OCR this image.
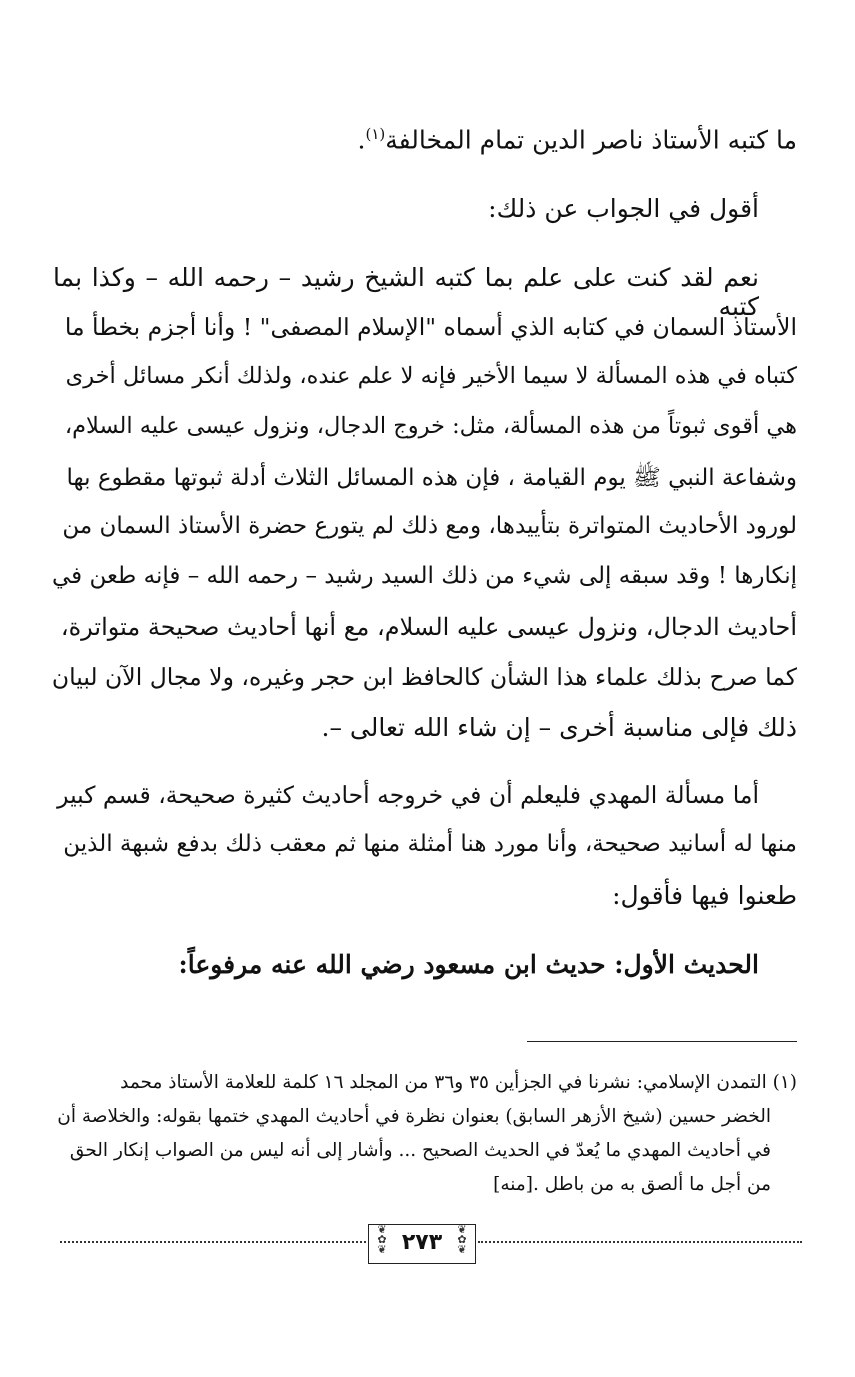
ما كتبه الأستاذ ناصر الدين تمام المخالفة$^{(١)}$.

أقول في الجواب عن ذلك:

نعم لقد كنت على علم بما كتبه الشيخ رشيد – رحمه الله – وكذا بما كتبه

الأستاذ السمان في كتابه الذي أسماه "الإسلام المصفى" ! وأنا أجزم بخطأ ما

كتباه في هذه المسألة لا سيما الأخير فإنه لا علم عنده، ولذلك أنكر مسائل أخرى

هي أقوى ثبوتاً من هذه المسألة، مثل: خروج الدجال، ونزول عيسى عليه السلام،

وشفاعة النبي ﷺ يوم القيامة ، فإن هذه المسائل الثلاث أدلة ثبوتها مقطوع بها

لورود الأحاديث المتواترة بتأييدها، ومع ذلك لم يتورع حضرة الأستاذ السمان من

إنكارها ! وقد سبقه إلى شيء من ذلك السيد رشيد – رحمه الله – فإنه طعن في

أحاديث الدجال، ونزول عيسى عليه السلام، مع أنها أحاديث صحيحة متواترة،

كما صرح بذلك علماء هذا الشأن كالحافظ ابن حجر وغيره، ولا مجال الآن لبيان

ذلك فإلى مناسبة أخرى – إن شاء الله تعالى –.

أما مسألة المهدي فليعلم أن في خروجه أحاديث كثيرة صحيحة، قسم كبير

منها له أسانيد صحيحة، وأنا مورد هنا أمثلة منها ثم معقب ذلك بدفع شبهة الذين

طعنوا فيها فأقول:

الحديث الأول: حديث ابن مسعود رضي الله عنه مرفوعاً:

(١) التمدن الإسلامي: نشرنا في الجزأين ٣٥ و٣٦ من المجلد ١٦ كلمة للعلامة الأستاذ محمد

الخضر حسين (شيخ الأزهر السابق) بعنوان نظرة في أحاديث المهدي ختمها بقوله: والخلاصة أن

في أحاديث المهدي ما يُعدّ في الحديث الصحيح ... وأشار إلى أنه ليس من الصواب إنكار الحق

من أجل ما ألصق به من باطل .[منه]

❦
✿
❦
❦
✿
❦ ٢٧٣
